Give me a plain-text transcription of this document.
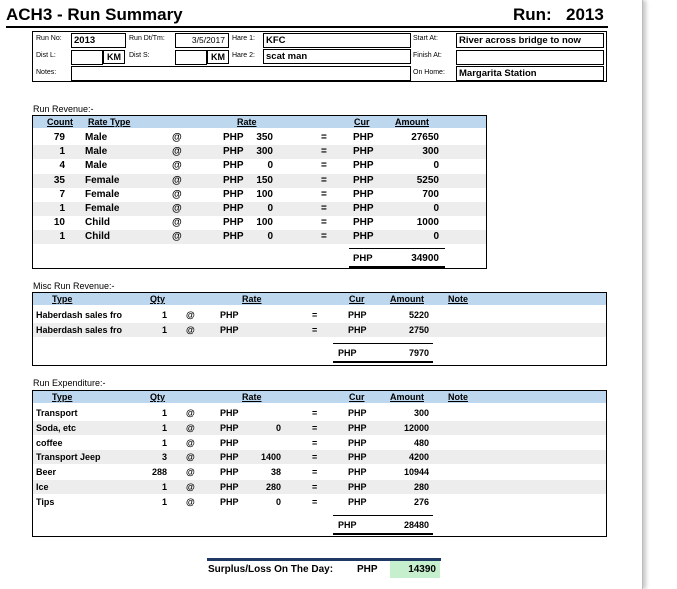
ACH3 - Run Summary	Run: 2013
Run No:	2013	Run Dt/Tm:	3/5/2017	Hare 1:	KFC	Start At:	River across bridge to now
Dist L:	KM	Dist S:	KM	Hare 2:	scat man	Finish At:
Notes:	On Home:	Margarita Station
Run Revenue:-
Count Rate Type	Rate	Cur	Amount
79 Male	@	PHP	350	=	PHP	27650
1 Male	@	PHP	300	=	PHP	300
4 Male	@	PHP	0	=	PHP	0
35 Female	@	PHP	150	=	PHP	5250
7 Female	@	PHP	100	=	PHP	700
1 Female	@	PHP	0	=	PHP	0
10 Child	@	PHP	100	=	PHP	1000
1 Child	@	PHP	0	=	PHP	0
PHP	34900
Misc Run Revenue:-
Type	Qty	Rate	Cur	Amount	Note
Haberdash sales fro	1 @	PHP	=	PHP	5220
Haberdash sales fro	1 @	PHP	=	PHP	2750
PHP	7970
Run Expenditure:-
Type	Qty	Rate	Cur	Amount	Note
Transport	1 @	PHP	=	PHP	300
Soda, etc	1 @	PHP	0	=	PHP	12000
coffee	1 @	PHP	=	PHP	480
Transport Jeep	3 @	PHP	1400	=	PHP	4200
Beer	288 @	PHP	38	=	PHP	10944
Ice	1 @	PHP	280	=	PHP	280
Tips	1 @	PHP	0	=	PHP	276
PHP	28480
Surplus/Loss On The Day: PHP	14390
